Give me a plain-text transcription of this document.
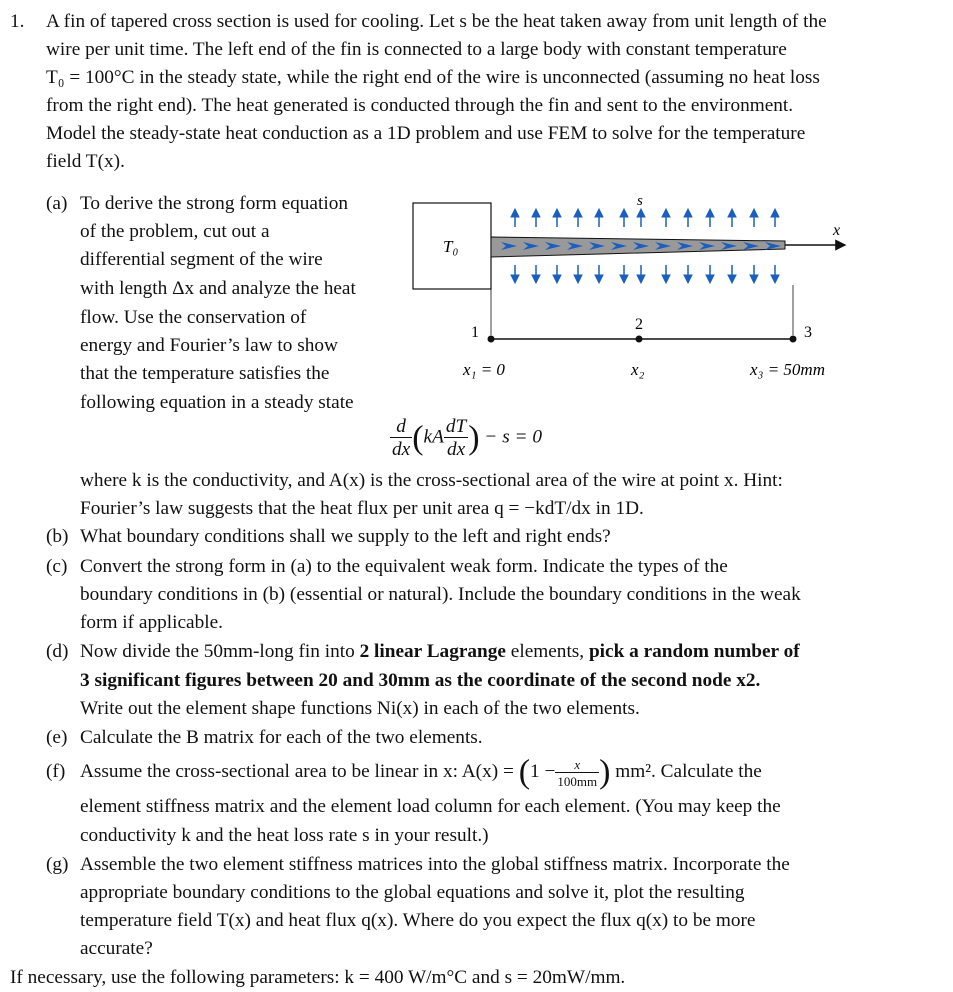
1. A fin of tapered cross section is used for cooling. Let s be the heat taken away from unit length of the
wire per unit time. The left end of the fin is connected to a large body with constant temperature
T₀ = 100°C in the steady state, while the right end of the wire is unconnected (assuming no heat loss
from the right end). The heat generated is conducted through the fin and sent to the environment.
Model the steady-state heat conduction as a 1D problem and use FEM to solve for the temperature
field T(x).
(a) To derive the strong form equation
of the problem, cut out a
differential segment of the wire
with length Δx and analyze the heat
flow. Use the conservation of
energy and Fourier’s law to show
that the temperature satisfies the
following equation in a steady state
T₀
x
s
1	2	3
x₁ = 0	x₂	x₃ = 50mm
$\frac{d}{dx} (kA \frac{dT}{dx}$ ) − s = 0
where k is the conductivity, and A(x) is the cross-sectional area of the wire at point x. Hint:
Fourier’s law suggests that the heat flux per unit area q = −kdT/dx in 1D.
(b) What boundary conditions shall we supply to the left and right ends?
(c) Convert the strong form in (a) to the equivalent weak form. Indicate the types of the
boundary conditions in (b) (essential or natural). Include the boundary conditions in the weak
form if applicable.
(d) Now divide the 50mm-long fin into 2 linear Lagrange elements, pick a random number of
3 significant figures between 20 and 30mm as the coordinate of the second node x2.
Write out the element shape functions Ni(x) in each of the two elements.
(e) Calculate the B matrix for each of the two elements.
(f) Assume the cross-sectional area to be linear in x: $A(x) = (1 - \frac{x}{100mm}$ ) mm². Calculate the
element stiffness matrix and the element load column for each element. (You may keep the
conductivity k and the heat loss rate s in your result.)
(g) Assemble the two element stiffness matrices into the global stiffness matrix. Incorporate the
appropriate boundary conditions to the global equations and solve it, plot the resulting
temperature field T(x) and heat flux q(x). Where do you expect the flux q(x) to be more
accurate?
If necessary, use the following parameters: k = 400 W/m°C and s = 20mW/mm.
